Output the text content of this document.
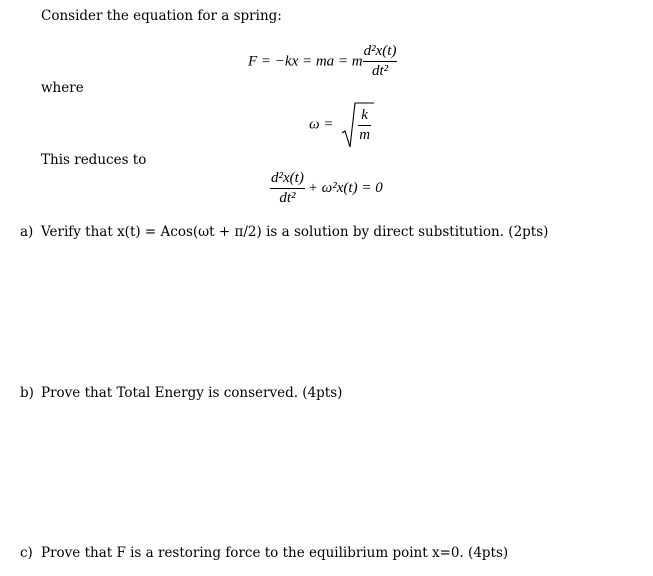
Consider the equation for a spring:
F = −kx = ma = m $\frac{\text{d²x(t)}}{\text{dt²}}$
where
ω =
k
m
This reduces to
$\frac{\text{d²x(t)}}{\text{dt²}} + \omega^2x(t) = 0$
a) Verify that x(t) = Acos(ωt + π/2) is a solution by direct substitution. (2pts)
b) Prove that Total Energy is conserved. (4pts)
c) Prove that F is a restoring force to the equilibrium point x=0. (4pts)
